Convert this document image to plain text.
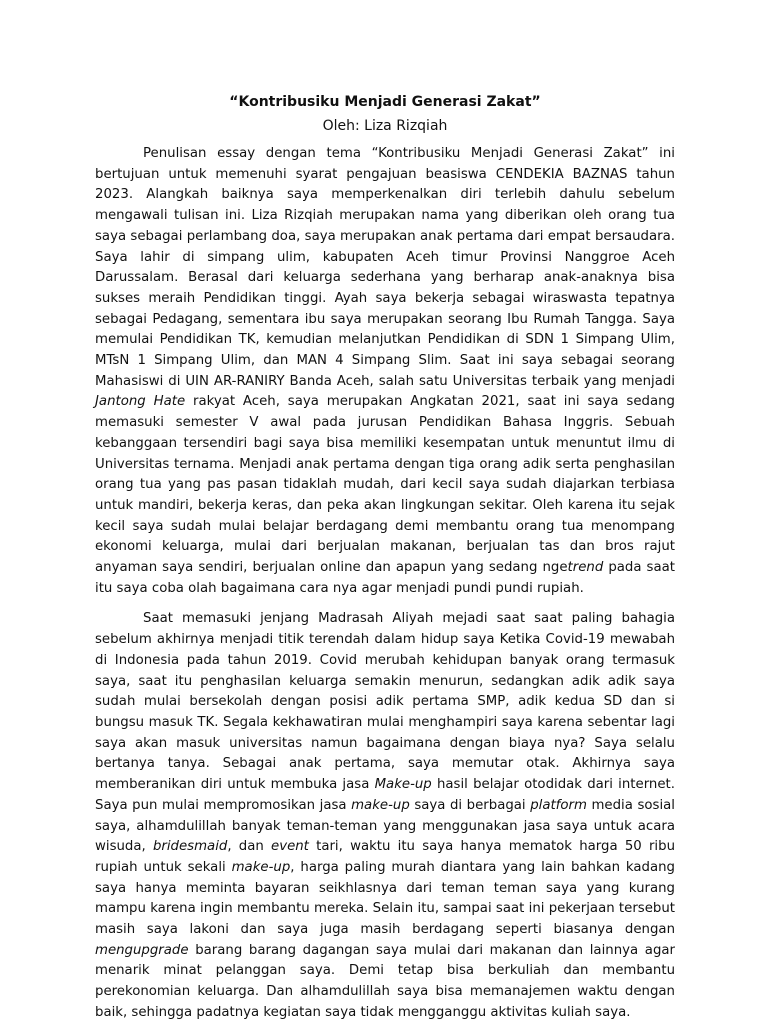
“Kontribusiku Menjadi Generasi Zakat”
Oleh: Liza Rizqiah

Penulisan essay dengan tema “Kontribusiku Menjadi Generasi Zakat” ini bertujuan untuk memenuhi syarat pengajuan beasiswa CENDEKIA BAZNAS tahun 2023. Alangkah baiknya saya memperkenalkan diri terlebih dahulu sebelum mengawali tulisan ini. Liza Rizqiah merupakan nama yang diberikan oleh orang tua saya sebagai perlambang doa, saya merupakan anak pertama dari empat bersaudara. Saya lahir di simpang ulim, kabupaten Aceh timur Provinsi Nanggroe Aceh Darussalam. Berasal dari keluarga sederhana yang berharap anak-anaknya bisa sukses meraih Pendidikan tinggi. Ayah saya bekerja sebagai wiraswasta tepatnya sebagai Pedagang, sementara ibu saya merupakan seorang Ibu Rumah Tangga. Saya memulai Pendidikan TK, kemudian melanjutkan Pendidikan di SDN 1 Simpang Ulim, MTsN 1 Simpang Ulim, dan MAN 4 Simpang Slim. Saat ini saya sebagai seorang Mahasiswi di UIN AR-RANIRY Banda Aceh, salah satu Universitas terbaik yang menjadi Jantong Hate rakyat Aceh, saya merupakan Angkatan 2021, saat ini saya sedang memasuki semester V awal pada jurusan Pendidikan Bahasa Inggris. Sebuah kebanggaan tersendiri bagi saya bisa memiliki kesempatan untuk menuntut ilmu di Universitas ternama. Menjadi anak pertama dengan tiga orang adik serta penghasilan orang tua yang pas pasan tidaklah mudah, dari kecil saya sudah diajarkan terbiasa untuk mandiri, bekerja keras, dan peka akan lingkungan sekitar. Oleh karena itu sejak kecil saya sudah mulai belajar berdagang demi membantu orang tua menompang ekonomi keluarga, mulai dari berjualan makanan, berjualan tas dan bros rajut anyaman saya sendiri, berjualan online dan apapun yang sedang ngetrend pada saat itu saya coba olah bagaimana cara nya agar menjadi pundi pundi rupiah.

Saat memasuki jenjang Madrasah Aliyah mejadi saat saat paling bahagia sebelum akhirnya menjadi titik terendah dalam hidup saya Ketika Covid-19 mewabah di Indonesia pada tahun 2019. Covid merubah kehidupan banyak orang termasuk saya, saat itu penghasilan keluarga semakin menurun, sedangkan adik adik saya sudah mulai bersekolah dengan posisi adik pertama SMP, adik kedua SD dan si bungsu masuk TK. Segala kekhawatiran mulai menghampiri saya karena sebentar lagi saya akan masuk universitas namun bagaimana dengan biaya nya? Saya selalu bertanya tanya. Sebagai anak pertama, saya memutar otak. Akhirnya saya memberanikan diri untuk membuka jasa Make-up hasil belajar otodidak dari internet. Saya pun mulai mempromosikan jasa make-up saya di berbagai platform media sosial saya, alhamdulillah banyak teman-teman yang menggunakan jasa saya untuk acara wisuda, bridesmaid, dan event tari, waktu itu saya hanya mematok harga 50 ribu rupiah untuk sekali make-up, harga paling murah diantara yang lain bahkan kadang saya hanya meminta bayaran seikhlasnya dari teman teman saya yang kurang mampu karena ingin membantu mereka. Selain itu, sampai saat ini pekerjaan tersebut masih saya lakoni dan saya juga masih berdagang seperti biasanya dengan mengupgrade barang barang dagangan saya mulai dari makanan dan lainnya agar menarik minat pelanggan saya. Demi tetap bisa berkuliah dan membantu perekonomian keluarga. Dan alhamdulillah saya bisa memanajemen waktu dengan baik, sehingga padatnya kegiatan saya tidak mengganggu aktivitas kuliah saya.
